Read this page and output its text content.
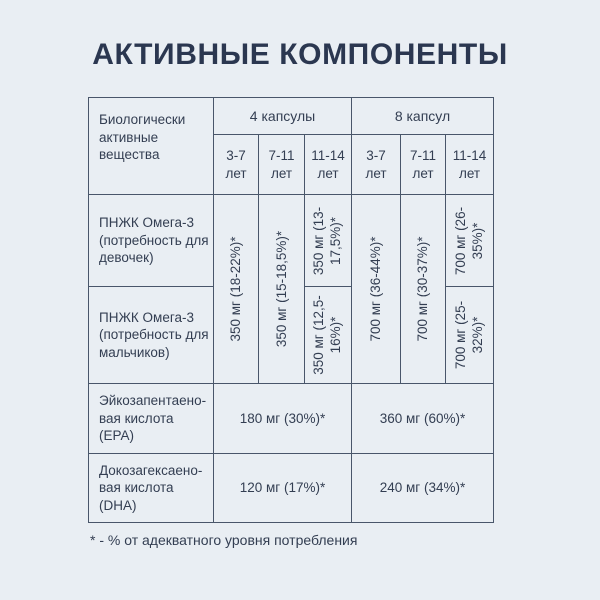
АКТИВНЫЕ КОМПОНЕНТЫ
Биологически активные вещества	4 капсулы			8 капсул		
	3-7 лет	7-11 лет	11-14 лет	3-7 лет	7-11 лет	11-14 лет
ПНЖК Омега-3 (потребность для девочек)	350 мг (18-22%)*	350 мг (15-18,5%)*	350 мг (13-17,5%)*	700 мг (36-44%)*	700 мг (30-37%)*	700 мг (26-35%)*

ПНЖК Омега-3 (потребность для мальчиков)			350 мг (12,5-16%)*			700 мг (25-32%)*

Эйкозапентаено-вая кислота (EPA)	180 мг (30%)*			360 мг (60%)*		
Докозагексаено-вая кислота (DHA)	120 мг (17%)*			240 мг (34%)*		

* - % от адекватного уровня потребления
